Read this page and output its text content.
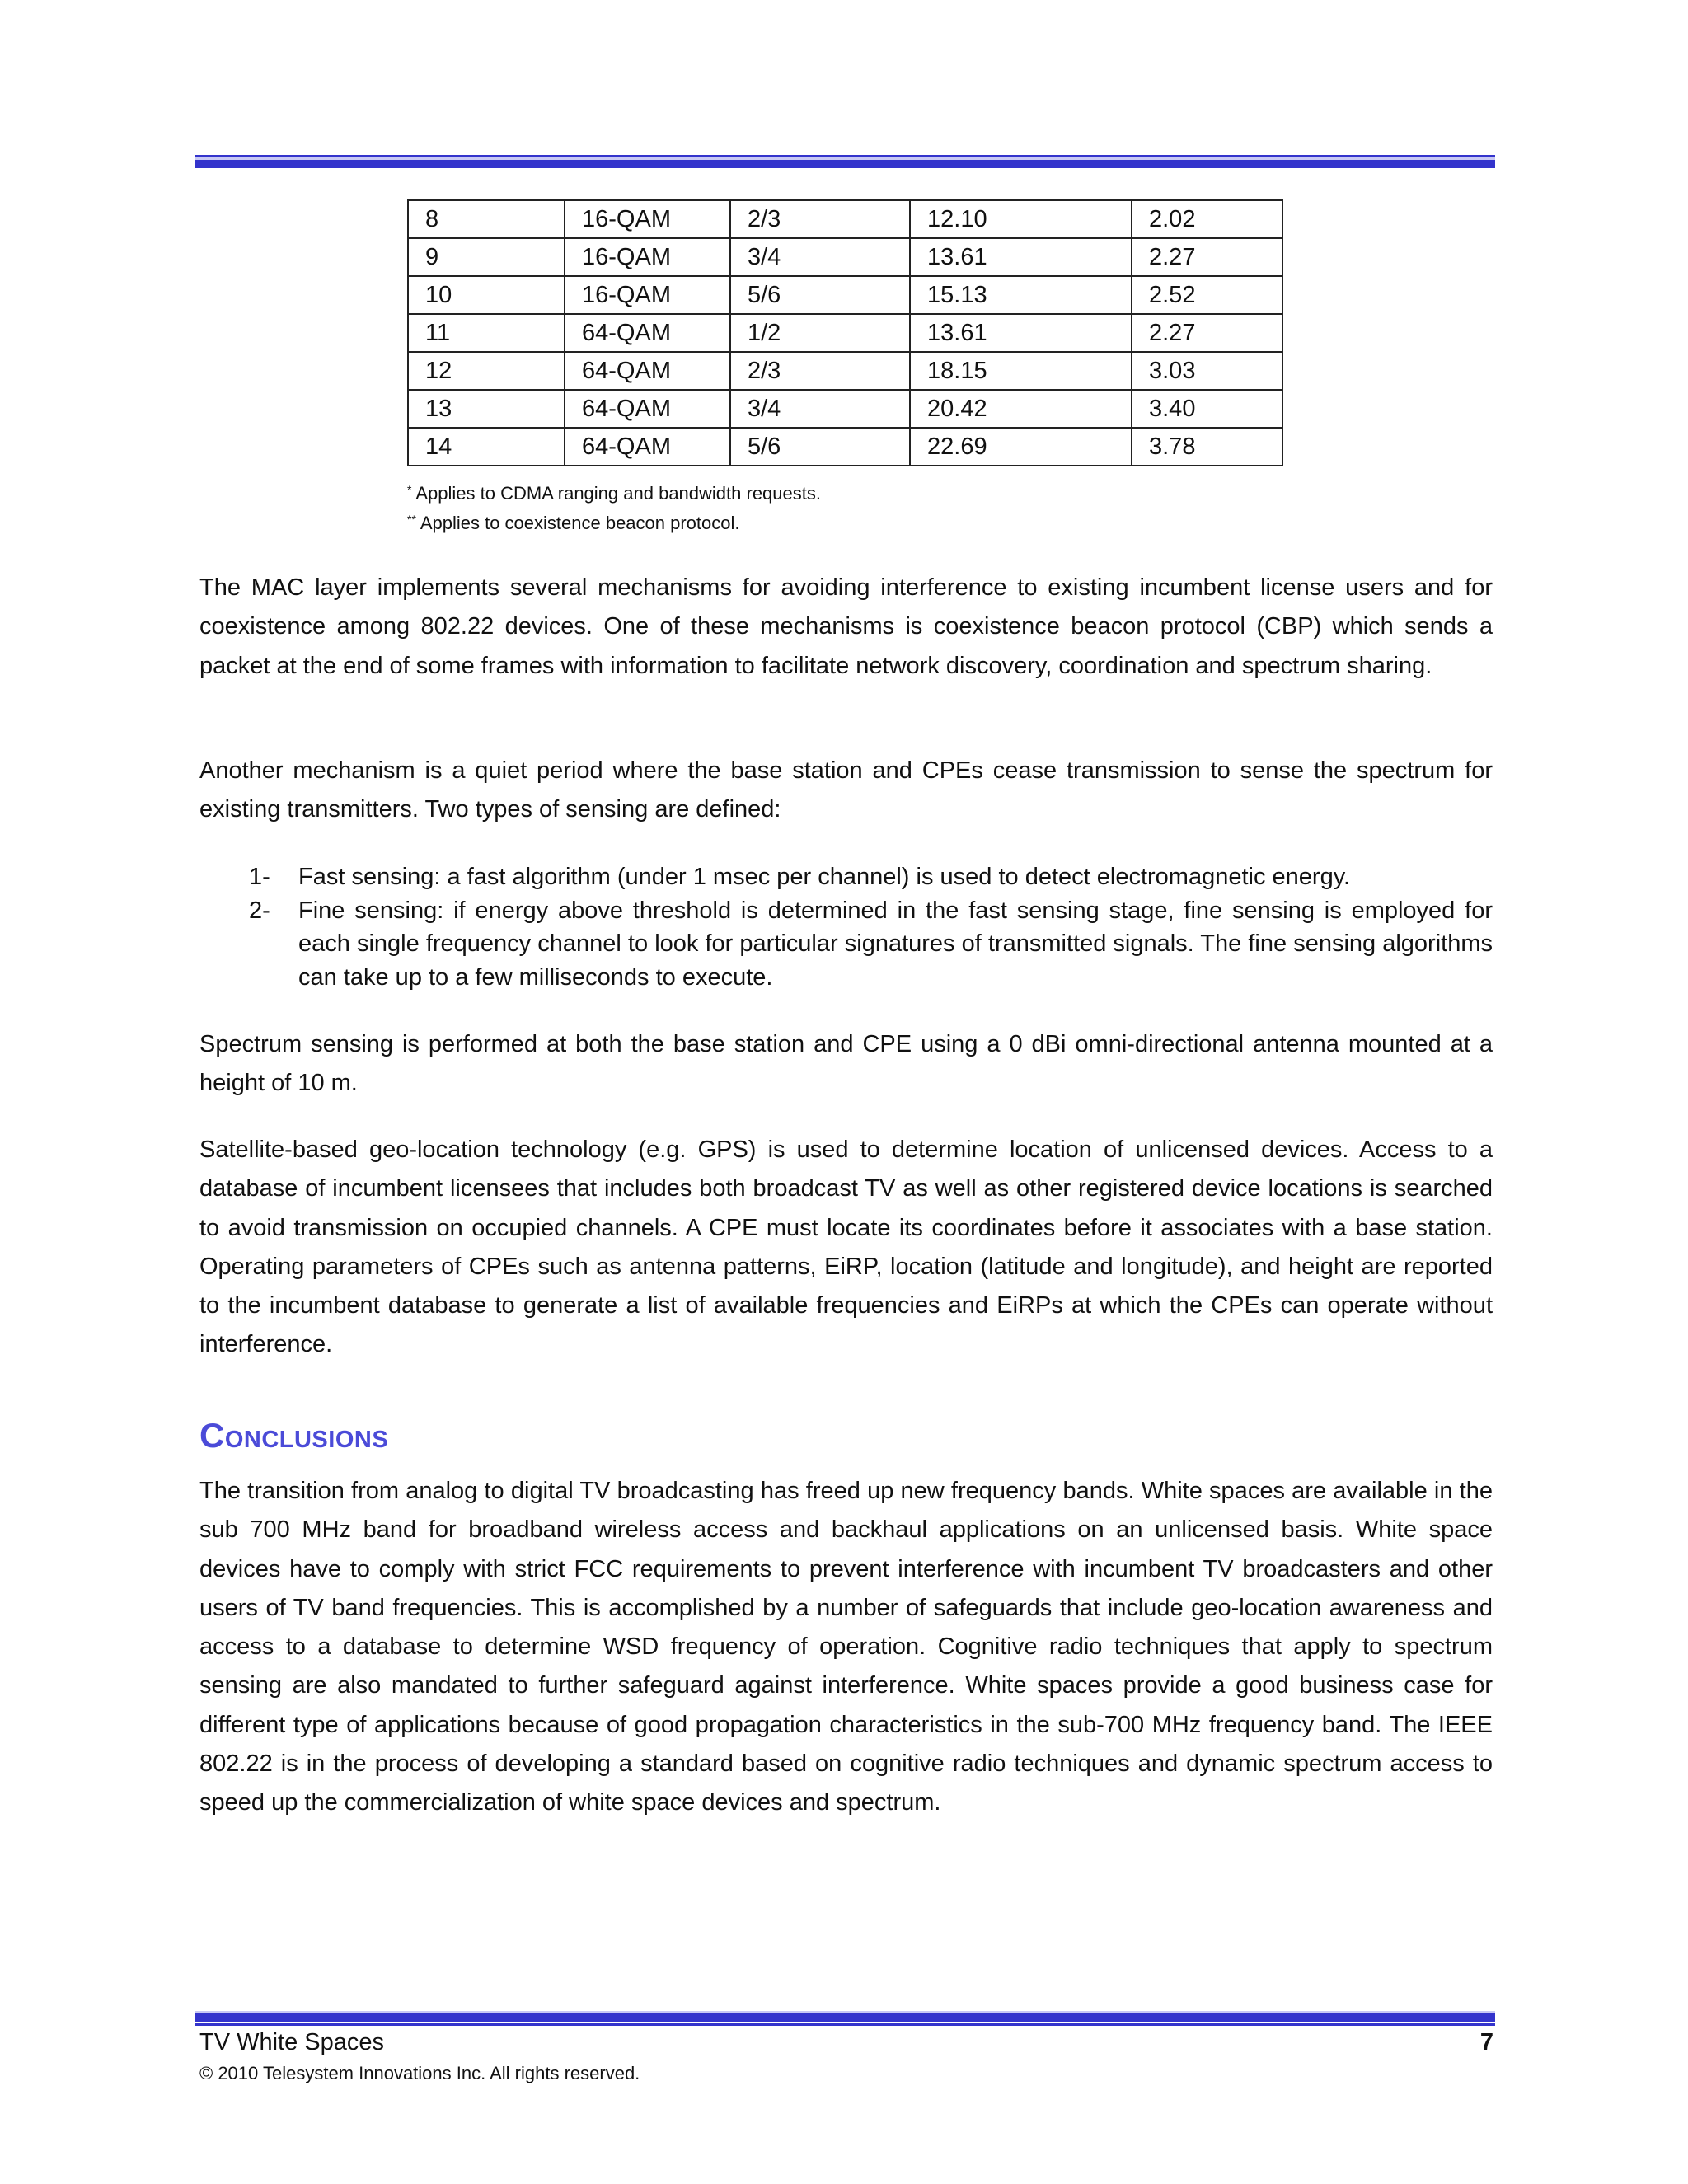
8	16-QAM	2/3	12.10	2.02
9	16-QAM	3/4	13.61	2.27
10	16-QAM	5/6	15.13	2.52
11	64-QAM	1/2	13.61	2.27
12	64-QAM	2/3	18.15	3.03
13	64-QAM	3/4	20.42	3.40
14	64-QAM	5/6	22.69	3.78
* Applies to CDMA ranging and bandwidth requests.
** Applies to coexistence beacon protocol.

The MAC layer implements several mechanisms for avoiding interference to existing incumbent license users and for coexistence among 802.22 devices. One of these mechanisms is coexistence beacon protocol (CBP) which sends a packet at the end of some frames with information to facilitate network discovery, coordination and spectrum sharing.

Another mechanism is a quiet period where the base station and CPEs cease transmission to sense the spectrum for existing transmitters. Two types of sensing are defined:

1- Fast sensing: a fast algorithm (under 1 msec per channel) is used to detect electromagnetic energy.
2- Fine sensing: if energy above threshold is determined in the fast sensing stage, fine sensing is employed for each single frequency channel to look for particular signatures of transmitted signals. The fine sensing algorithms can take up to a few milliseconds to execute.

Spectrum sensing is performed at both the base station and CPE using a 0 dBi omni-directional antenna mounted at a height of 10 m.

Satellite-based geo-location technology (e.g. GPS) is used to determine location of unlicensed devices. Access to a database of incumbent licensees that includes both broadcast TV as well as other registered device locations is searched to avoid transmission on occupied channels. A CPE must locate its coordinates before it associates with a base station. Operating parameters of CPEs such as antenna patterns, EiRP, location (latitude and longitude), and height are reported to the incumbent database to generate a list of available frequencies and EiRPs at which the CPEs can operate without interference.

Conclusions

The transition from analog to digital TV broadcasting has freed up new frequency bands. White spaces are available in the sub 700 MHz band for broadband wireless access and backhaul applications on an unlicensed basis. White space devices have to comply with strict FCC requirements to prevent interference with incumbent TV broadcasters and other users of TV band frequencies. This is accomplished by a number of safeguards that include geo-location awareness and access to a database to determine WSD frequency of operation. Cognitive radio techniques that apply to spectrum sensing are also mandated to further safeguard against interference. White spaces provide a good business case for different type of applications because of good propagation characteristics in the sub-700 MHz frequency band. The IEEE 802.22 is in the process of developing a standard based on cognitive radio techniques and dynamic spectrum access to speed up the commercialization of white space devices and spectrum.

TV White Spaces	7
© 2010 Telesystem Innovations Inc. All rights reserved.
